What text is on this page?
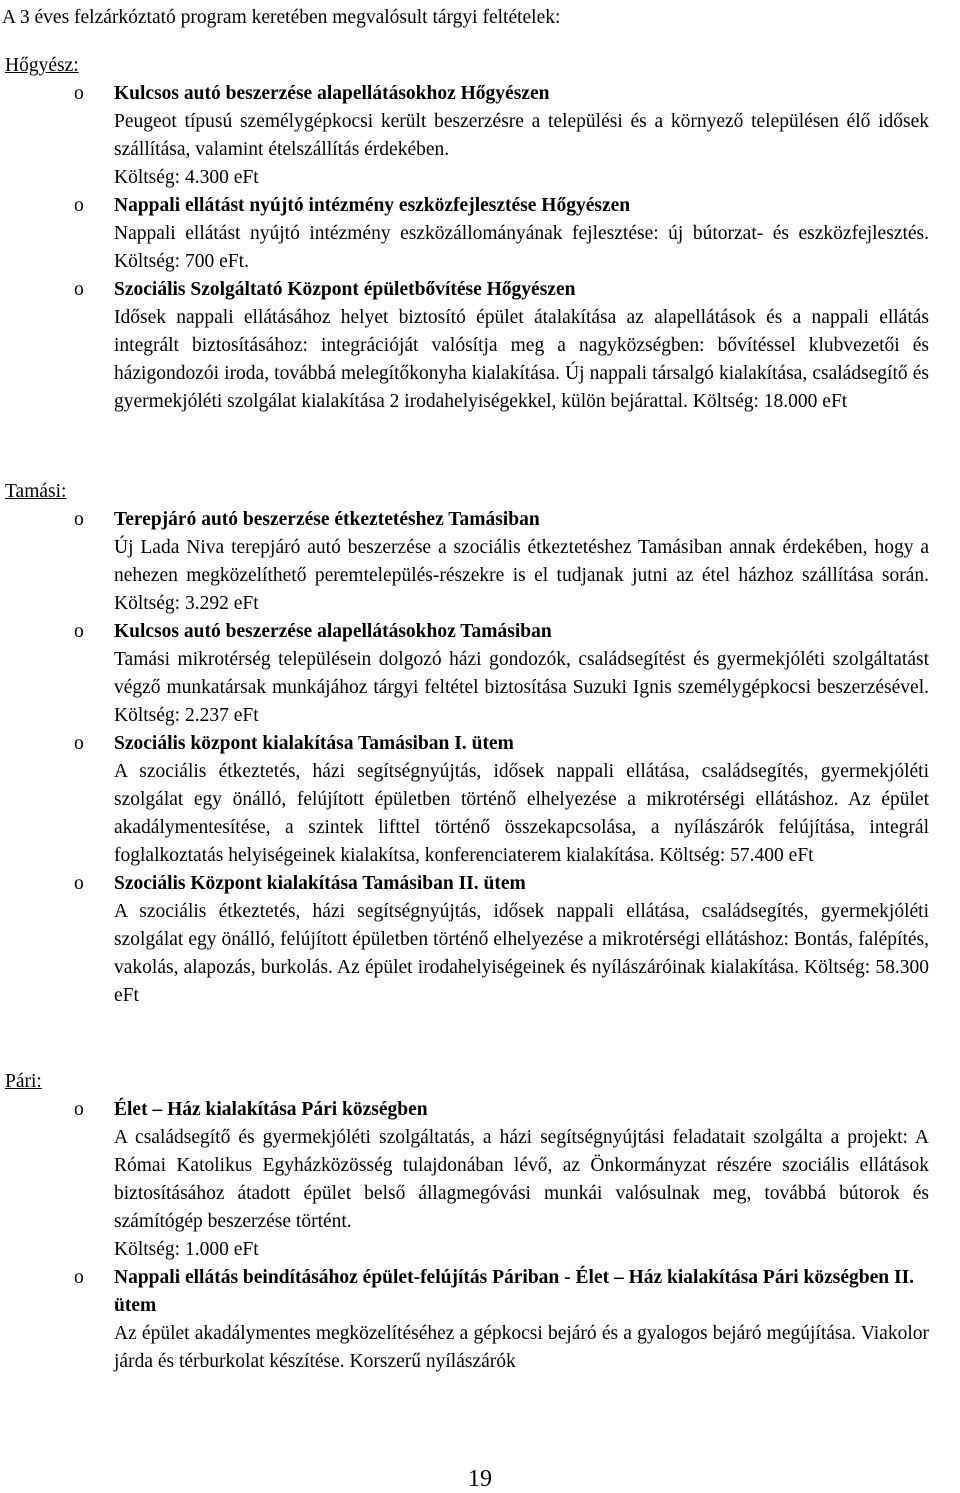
A 3 éves felzárkóztató program keretében megvalósult tárgyi feltételek:
Hőgyész:
o Kulcsos autó beszerzése alapellátásokhoz Hőgyészen
Peugeot típusú személygépkocsi került beszerzésre a települési és a környező településen élő idősek szállítása, valamint ételszállítás érdekében.
Költség: 4.300 eFt
o Nappali ellátást nyújtó intézmény eszközfejlesztése Hőgyészen
Nappali ellátást nyújtó intézmény eszközállományának fejlesztése: új bútorzat- és eszközfejlesztés. Költség: 700 eFt.
o Szociális Szolgáltató Központ épületbővítése Hőgyészen
Idősek nappali ellátásához helyet biztosító épület átalakítása az alapellátások és a nappali ellátás integrált biztosításához: integrációját valósítja meg a nagyközségben: bővítéssel klubvezetői és házigondozói iroda, továbbá melegítőkonyha kialakítása. Új nappali társalgó kialakítása, családsegítő és gyermekjóléti szolgálat kialakítása 2 irodahelyiségekkel, külön bejárattal. Költség: 18.000 eFt
Tamási:
o Terepjáró autó beszerzése étkeztetéshez Tamásiban
Új Lada Niva terepjáró autó beszerzése a szociális étkeztetéshez Tamásiban annak érdekében, hogy a nehezen megközelíthető peremtelepülés-részekre is el tudjanak jutni az étel házhoz szállítása során. Költség: 3.292 eFt
o Kulcsos autó beszerzése alapellátásokhoz Tamásiban
Tamási mikrotérség településein dolgozó házi gondozók, családsegítést és gyermekjóléti szolgáltatást végző munkatársak munkájához tárgyi feltétel biztosítása Suzuki Ignis személygépkocsi beszerzésével. Költség: 2.237 eFt
o Szociális központ kialakítása Tamásiban I. ütem
A szociális étkeztetés, házi segítségnyújtás, idősek nappali ellátása, családsegítés, gyermekjóléti szolgálat egy önálló, felújított épületben történő elhelyezése a mikrotérségi ellátáshoz. Az épület akadálymentesítése, a szintek lifttel történő összekapcsolása, a nyílászárók felújítása, integrál foglalkoztatás helyiségeinek kialakítsa, konferenciaterem kialakítása. Költség: 57.400 eFt
o Szociális Központ kialakítása Tamásiban II. ütem
A szociális étkeztetés, házi segítségnyújtás, idősek nappali ellátása, családsegítés, gyermekjóléti szolgálat egy önálló, felújított épületben történő elhelyezése a mikrotérségi ellátáshoz: Bontás, falépítés, vakolás, alapozás, burkolás. Az épület irodahelyiségeinek és nyílászáróinak kialakítása. Költség: 58.300 eFt
Pári:
o Élet – Ház kialakítása Pári községben
A családsegítő és gyermekjóléti szolgáltatás, a házi segítségnyújtási feladatait szolgálta a projekt: A Római Katolikus Egyházközösség tulajdonában lévő, az Önkormányzat részére szociális ellátások biztosításához átadott épület belső állagmegóvási munkái valósulnak meg, továbbá bútorok és számítógép beszerzése történt.
Költség: 1.000 eFt
o Nappali ellátás beindításához épület-felújítás Páriban - Élet – Ház kialakítása Pári községben II. ütem
Az épület akadálymentes megközelítéséhez a gépkocsi bejáró és a gyalogos bejáró megújítása. Viakolor járda és térburkolat készítése. Korszerű nyílászárók
19
